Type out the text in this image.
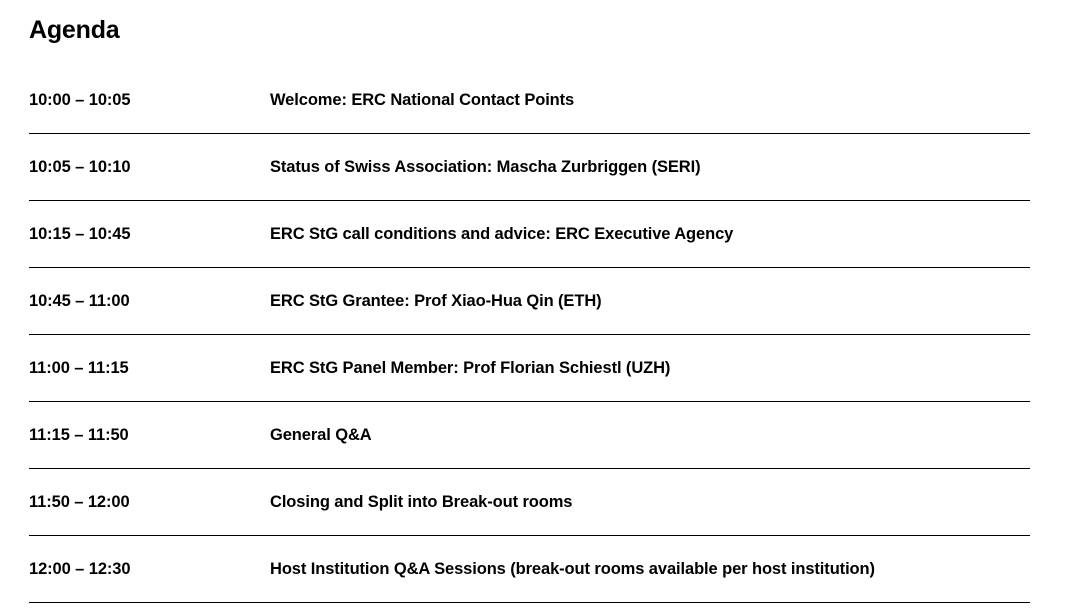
Agenda
10:00 – 10:05	Welcome: ERC National Contact Points
10:05 – 10:10	Status of Swiss Association: Mascha Zurbriggen (SERI)
10:15 – 10:45	ERC StG call conditions and advice: ERC Executive Agency
10:45 – 11:00	ERC StG Grantee: Prof Xiao-Hua Qin (ETH)
11:00 – 11:15	ERC StG Panel Member: Prof Florian Schiestl (UZH)
11:15 – 11:50	General Q&A
11:50 – 12:00	Closing and Split into Break-out rooms
12:00 – 12:30	Host Institution Q&A Sessions (break-out rooms available per host institution)
